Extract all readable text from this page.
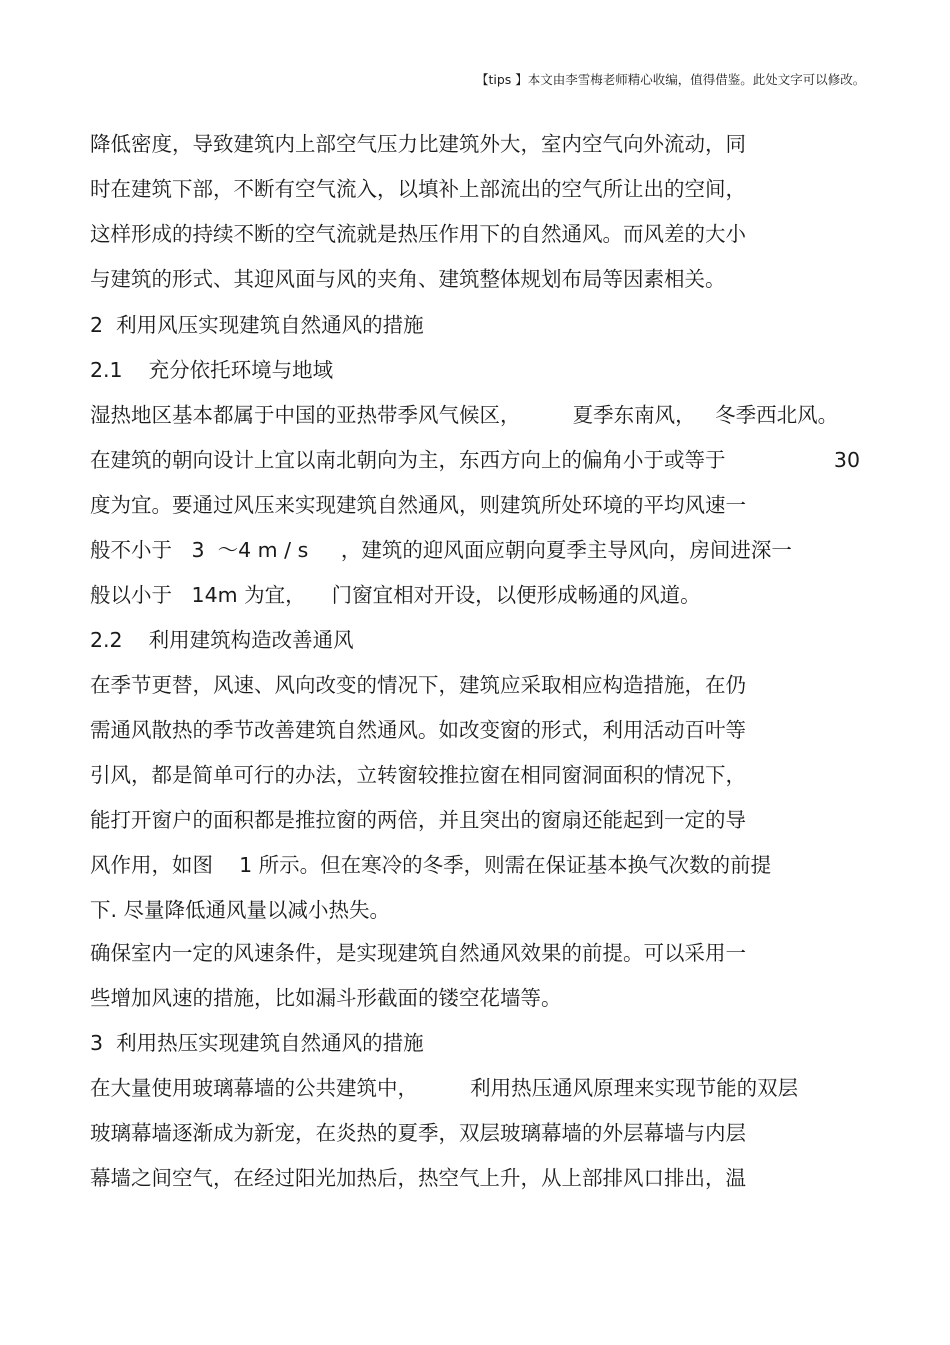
【tips 】本文由李雪梅老师精心收编，值得借鉴。此处文字可以修改。
降低密度，导致建筑内上部空气压力比建筑外大，室内空气向外流动，同
时在建筑下部，不断有空气流入，以填补上部流出的空气所让出的空间，
这样形成的持续不断的空气流就是热压作用下的自然通风。而风差的大小
与建筑的形式、其迎风面与风的夹角、建筑整体规划布局等因素相关。
2  利用风压实现建筑自然通风的措施
2.1    充分依托环境与地域
湿热地区基本都属于中国的亚热带季风气候区，        夏季东南风，   冬季西北风。
在建筑的朝向设计上宜以南北朝向为主，东西方向上的偏角小于或等于	30
度为宜。要通过风压来实现建筑自然通风，则建筑所处环境的平均风速一
般不小于   3  ～4 m / s     ，建筑的迎风面应朝向夏季主导风向，房间进深一
般以小于   14m 为宜，    门窗宜相对开设，以便形成畅通的风道。
2.2    利用建筑构造改善通风
在季节更替，风速、风向改变的情况下，建筑应采取相应构造措施，在仍
需通风散热的季节改善建筑自然通风。如改变窗的形式，利用活动百叶等
引风，都是简单可行的办法，立转窗较推拉窗在相同窗洞面积的情况下，
能打开窗户的面积都是推拉窗的两倍，并且突出的窗扇还能起到一定的导
风作用，如图    1 所示。但在寒冷的冬季，则需在保证基本换气次数的前提
下. 尽量降低通风量以减小热失。
确保室内一定的风速条件，是实现建筑自然通风效果的前提。可以采用一
些增加风速的措施，比如漏斗形截面的镂空花墙等。
3  利用热压实现建筑自然通风的措施
在大量使用玻璃幕墙的公共建筑中，        利用热压通风原理来实现节能的双层
玻璃幕墙逐渐成为新宠，在炎热的夏季，双层玻璃幕墙的外层幕墙与内层
幕墙之间空气，在经过阳光加热后，热空气上升，从上部排风口排出，温
